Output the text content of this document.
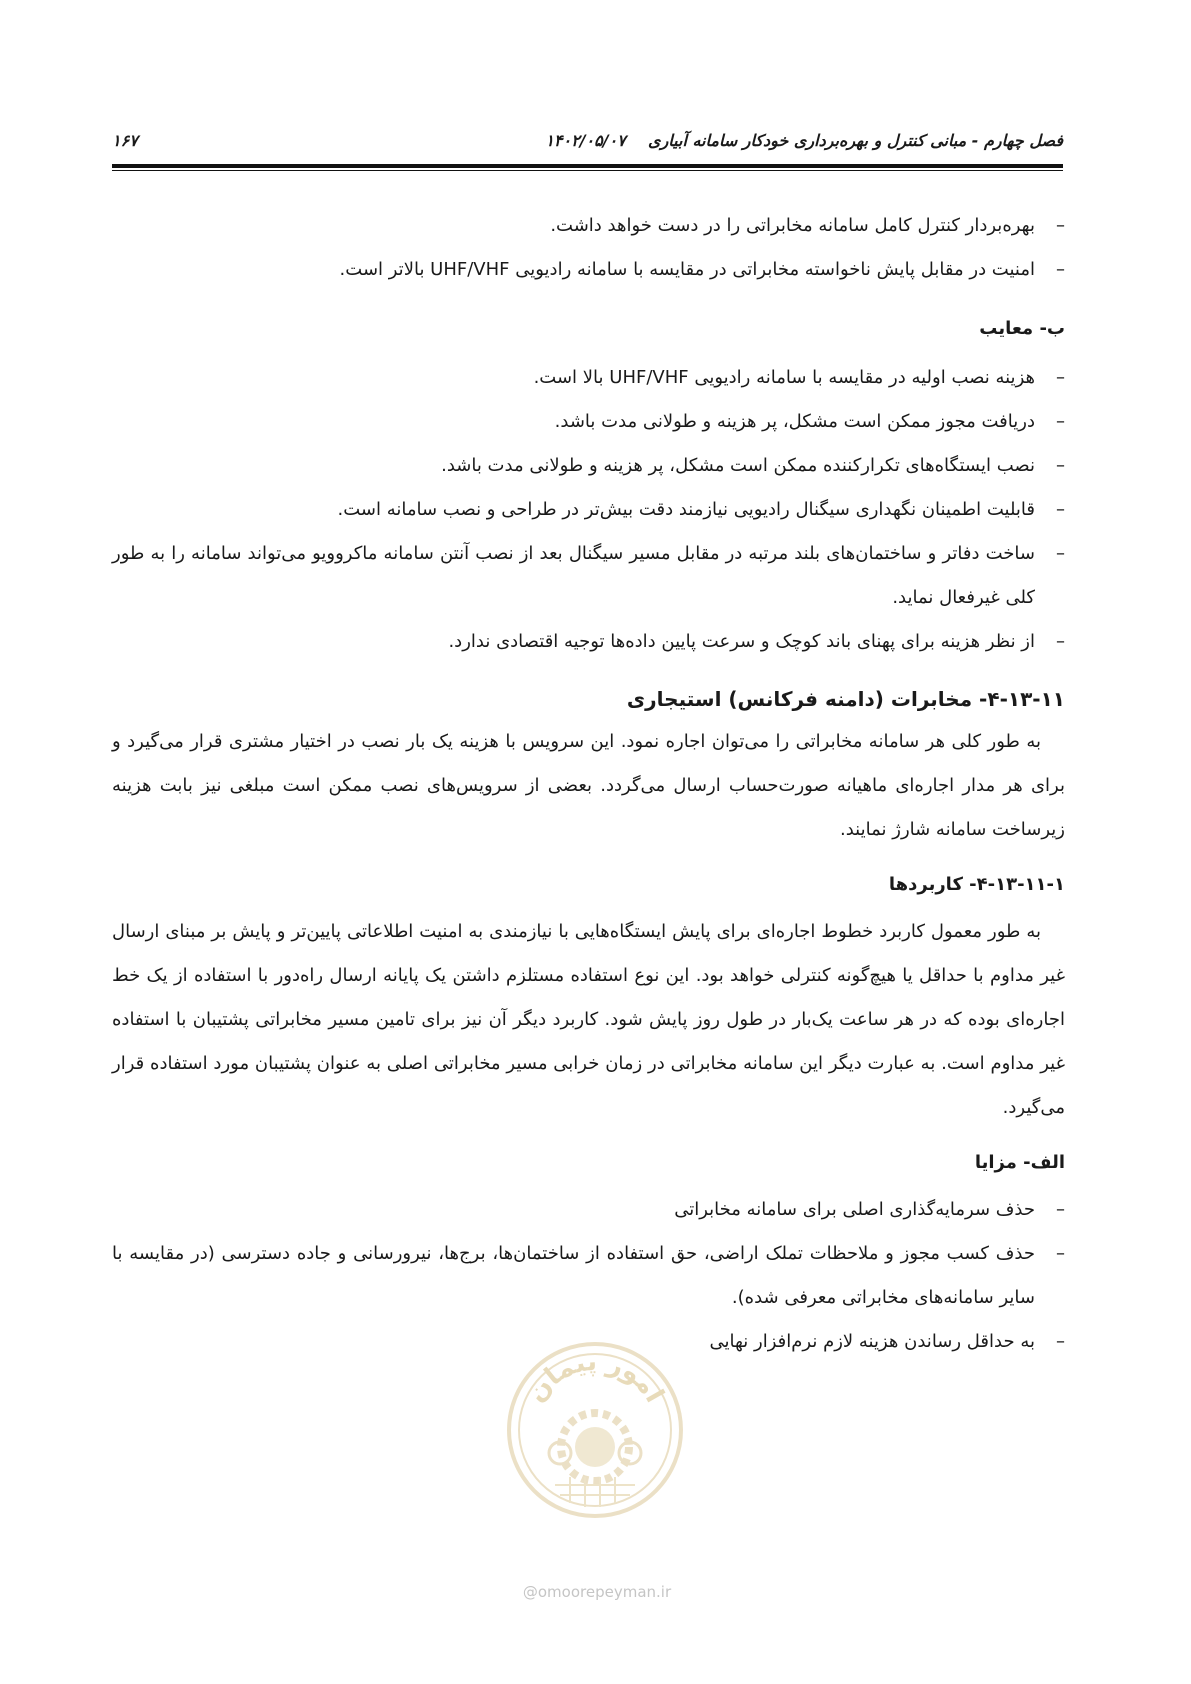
فصل چهارم - مبانی کنترل و بهره‌برداری خودکار سامانه آبیاری    ۱۴۰۲/۰۵/۰۷
۱۶۷
– بهره‌بردار کنترل کامل سامانه مخابراتی را در دست خواهد داشت.
– امنیت در مقابل پایش ناخواسته مخابراتی در مقایسه با سامانه رادیویی UHF/VHF بالاتر است.
ب- معایب
– هزینه نصب اولیه در مقایسه با سامانه رادیویی UHF/VHF بالا است.
– دریافت مجوز ممکن است مشکل، پر هزینه و طولانی مدت باشد.
– نصب ایستگاه‌های تکرارکننده ممکن است مشکل، پر هزینه و طولانی مدت باشد.
– قابلیت اطمینان نگهداری سیگنال رادیویی نیازمند دقت بیش‌تر در طراحی و نصب سامانه است.
– ساخت دفاتر و ساختمان‌های بلند مرتبه در مقابل مسیر سیگنال بعد از نصب آنتن سامانه ماکروویو می‌تواند سامانه را به طور کلی غیرفعال نماید.
– از نظر هزینه برای پهنای باند کوچک و سرعت پایین داده‌ها توجیه اقتصادی ندارد.
۴-۱۳-۱۱- مخابرات (دامنه فرکانس) استیجاری
به طور کلی هر سامانه مخابراتی را می‌توان اجاره نمود. این سرویس با هزینه یک بار نصب در اختیار مشتری قرار می‌گیرد و برای هر مدار اجاره‌ای ماهیانه صورت‌حساب ارسال می‌گردد. بعضی از سرویس‌های نصب ممکن است مبلغی نیز بابت هزینه زیرساخت سامانه شارژ نمایند.
۴-۱۳-۱۱-۱- کاربردها
به طور معمول کاربرد خطوط اجاره‌ای برای پایش ایستگاه‌هایی با نیازمندی به امنیت اطلاعاتی پایین‌تر و پایش بر مبنای ارسال غیر مداوم با حداقل یا هیچ‌گونه کنترلی خواهد بود. این نوع استفاده مستلزم داشتن یک پایانه ارسال راه‌دور با استفاده از یک خط اجاره‌ای بوده که در هر ساعت یک‌بار در طول روز پایش شود. کاربرد دیگر آن نیز برای تامین مسیر مخابراتی پشتیبان با استفاده غیر مداوم است. به عبارت دیگر این سامانه مخابراتی در زمان خرابی مسیر مخابراتی اصلی به عنوان پشتیبان مورد استفاده قرار می‌گیرد.
الف- مزایا
– حذف سرمایه‌گذاری اصلی برای سامانه مخابراتی
– حذف کسب مجوز و ملاحظات تملک اراضی، حق استفاده از ساختمان‌ها، برج‌ها، نیرورسانی و جاده دسترسی (در مقایسه با سایر سامانه‌های مخابراتی معرفی شده).
– به حداقل رساندن هزینه لازم نرم‌افزار نهایی
امور پیمان
@omoorepeyman.ir
